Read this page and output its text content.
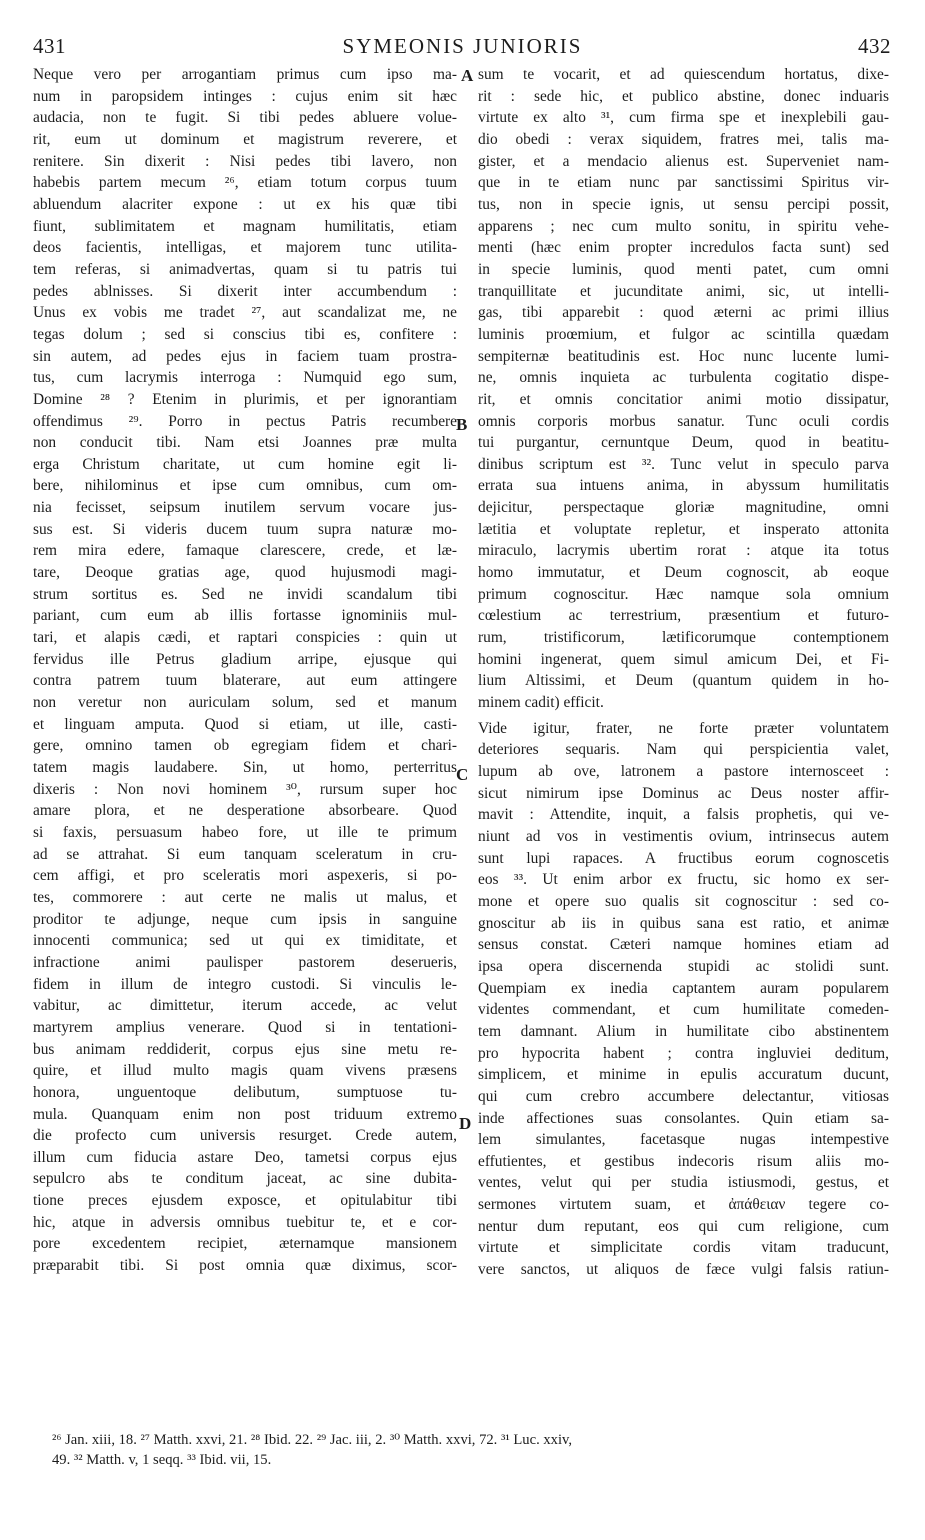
431	SYMEONIS JUNIORIS	432
A
B
C
D
Neque vero per arrogantiam primus cum ipso ma-
num in paropsidem intinges : cujus enim sit hæc
audacia, non te fugit. Si tibi pedes abluere volue-
rit, eum ut dominum et magistrum reverere, et
renitere. Sin dixerit : Nisi pedes tibi lavero, non
habebis partem mecum ²⁶, etiam totum corpus tuum
abluendum alacriter expone : ut ex his quæ tibi
fiunt, sublimitatem et magnam humilitatis, etiam
deos facientis, intelligas, et majorem tunc utilita-
tem referas, si animadvertas, quam si tu patris tui
pedes ablnisses. Si dixerit inter accumbendum :
Unus ex vobis me tradet ²⁷, aut scandalizat me, ne
tegas dolum ; sed si conscius tibi es, confitere :
sin autem, ad pedes ejus in faciem tuam prostra-
tus, cum lacrymis interroga : Numquid ego sum,
Domine ²⁸ ? Etenim in plurimis, et per ignorantiam
offendimus ²⁹. Porro in pectus Patris recumbere
non conducit tibi. Nam etsi Joannes præ multa
erga Christum charitate, ut cum homine egit li-
bere, nihilominus et ipse cum omnibus, cum om-
nia fecisset, seipsum inutilem servum vocare jus-
sus est. Si videris ducem tuum supra naturæ mo-
rem mira edere, famaque clarescere, crede, et læ-
tare, Deoque gratias age, quod hujusmodi magi-
strum sortitus es. Sed ne invidi scandalum tibi
pariant, cum eum ab illis fortasse ignominiis mul-
tari, et alapis cædi, et raptari conspicies : quin ut
fervidus ille Petrus gladium arripe, ejusque qui
contra patrem tuum blaterare, aut eum attingere
non veretur non auriculam solum, sed et manum
et linguam amputa. Quod si etiam, ut ille, casti-
gere, omnino tamen ob egregiam fidem et chari-
tatem magis laudabere. Sin, ut homo, perterritus
dixeris : Non novi hominem ³⁰, rursum super hoc
amare plora, et ne desperatione absorbeare. Quod
si faxis, persuasum habeo fore, ut ille te primum
ad se attrahat. Si eum tanquam sceleratum in cru-
cem affigi, et pro sceleratis mori aspexeris, si po-
tes, commorere : aut certe ne malis ut malus, et
proditor te adjunge, neque cum ipsis in sanguine
innocenti communica; sed ut qui ex timiditate, et
infractione animi paulisper pastorem deserueris,
fidem in illum de integro custodi. Si vinculis le-
vabitur, ac dimittetur, iterum accede, ac velut
martyrem amplius venerare. Quod si in tentationi-
bus animam reddiderit, corpus ejus sine metu re-
quire, et illud multo magis quam vivens præsens
honora, unguentoque delibutum, sumptuose tu-
mula. Quanquam enim non post triduum extremo
die profecto cum universis resurget. Crede autem,
illum cum fiducia astare Deo, tametsi corpus ejus
sepulcro abs te conditum jaceat, ac sine dubita-
tione preces ejusdem exposce, et opitulabitur tibi
hic, atque in adversis omnibus tuebitur te, et e cor-
pore excedentem recipiet, æternamque mansionem
præparabit tibi. Si post omnia quæ diximus, scor-
sum te vocarit, et ad quiescendum hortatus, dixe-
rit : sede hic, et publico abstine, donec induaris
virtute ex alto ³¹, cum firma spe et inexplebili gau-
dio obedi : verax siquidem, fratres mei, talis ma-
gister, et a mendacio alienus est. Superveniet nam-
que in te etiam nunc par sanctissimi Spiritus vir-
tus, non in specie ignis, ut sensu percipi possit,
apparens ; nec cum multo sonitu, in spiritu vehe-
menti (hæc enim propter incredulos facta sunt) sed
in specie luminis, quod menti patet, cum omni
tranquillitate et jucunditate animi, sic, ut intelli-
gas, tibi apparebit : quod æterni ac primi illius
luminis proœmium, et fulgor ac scintilla quædam
sempiternæ beatitudinis est. Hoc nunc lucente lumi-
ne, omnis inquieta ac turbulenta cogitatio dispe-
rit, et omnis concitatior animi motio dissipatur,
omnis corporis morbus sanatur. Tunc oculi cordis
tui purgantur, cernuntque Deum, quod in beatitu-
dinibus scriptum est ³². Tunc velut in speculo parva
errata sua intuens anima, in abyssum humilitatis
dejicitur, perspectaque gloriæ magnitudine, omni
lætitia et voluptate repletur, et insperato attonita
miraculo, lacrymis ubertim rorat : atque ita totus
homo immutatur, et Deum cognoscit, ab eoque
primum cognoscitur. Hæc namque sola omnium
cœlestium ac terrestrium, præsentium et futuro-
rum, tristificorum, lætificorumque contemptionem
homini ingenerat, quem simul amicum Dei, et Fi-
lium Altissimi, et Deum (quantum quidem in ho-
minem cadit) efficit.
Vide igitur, frater, ne forte præter voluntatem
deteriores sequaris. Nam qui perspicientia valet,
lupum ab ove, latronem a pastore internosceet :
sicut nimirum ipse Dominus ac Deus noster affir-
mavit : Attendite, inquit, a falsis prophetis, qui ve-
niunt ad vos in vestimentis ovium, intrinsecus autem
sunt lupi rapaces. A fructibus eorum cognoscetis
eos ³³. Ut enim arbor ex fructu, sic homo ex ser-
mone et opere suo qualis sit cognoscitur : sed co-
gnoscitur ab iis in quibus sana est ratio, et animæ
sensus constat. Cæteri namque homines etiam ad
ipsa opera discernenda stupidi ac stolidi sunt.
Quempiam ex inedia captantem auram popularem
videntes commendant, et cum humilitate comeden-
tem damnant. Alium in humilitate cibo abstinentem
pro hypocrita habent ; contra ingluviei deditum,
simplicem, et minime in epulis accuratum ducunt,
qui cum crebro accumbere delectantur, vitiosas
inde affectiones suas consolantes. Quin etiam sa-
lem simulantes, facetasque nugas intempestive
effutientes, et gestibus indecoris risum aliis mo-
ventes, velut qui per studia istiusmodi, gestus, et
sermones virtutem suam, et ἀπάθειαν tegere co-
nentur dum reputant, eos qui cum religione, cum
virtute et simplicitate cordis vitam traducunt,
vere sanctos, ut aliquos de fæce vulgi falsis ratiun-
²⁶ Jan. xiii, 18. ²⁷ Matth. xxvi, 21. ²⁸ Ibid. 22. ²⁹ Jac. iii, 2. ³⁰ Matth. xxvi, 72. ³¹ Luc. xxiv,
49. ³² Matth. v, 1 seqq. ³³ Ibid. vii, 15.
